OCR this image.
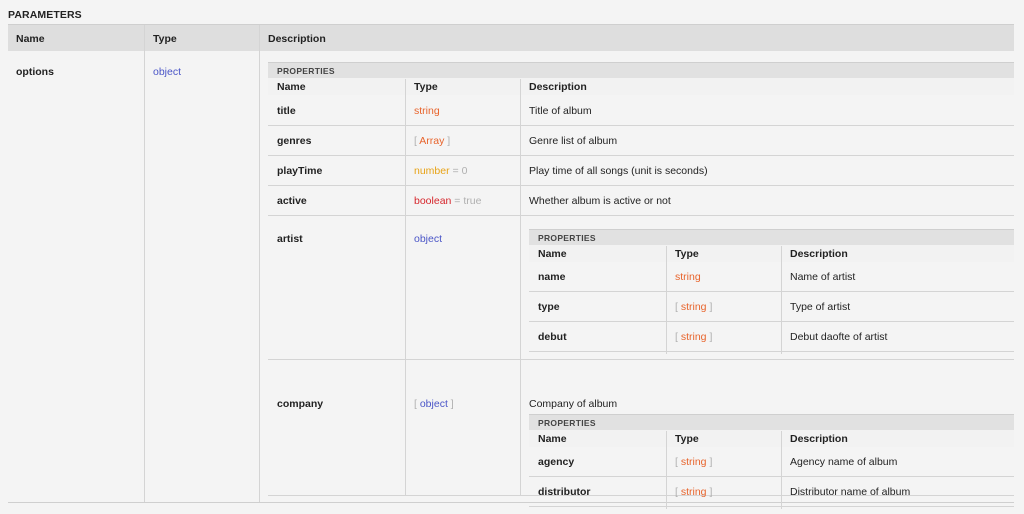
PARAMETERS
Name	Type	Description
options	object	PROPERTIES
Name	Type	Description
title	string	Title of album
genres	[ Array ]	Genre list of album
playTime	number = 0	Play time of all songs (unit is seconds)
active	boolean = true	Whether album is active or not
artist	object	PROPERTIES
Name	Type	Description
name	string	Name of artist
type	[ string ]	Type of artist
debut	[ string ]	Debut daofte of artist
company	[ object ]	Company of album
PROPERTIES
Name	Type	Description
agency	[ string ]	Agency name of album
distributor	[ string ]	Distributor name of album
